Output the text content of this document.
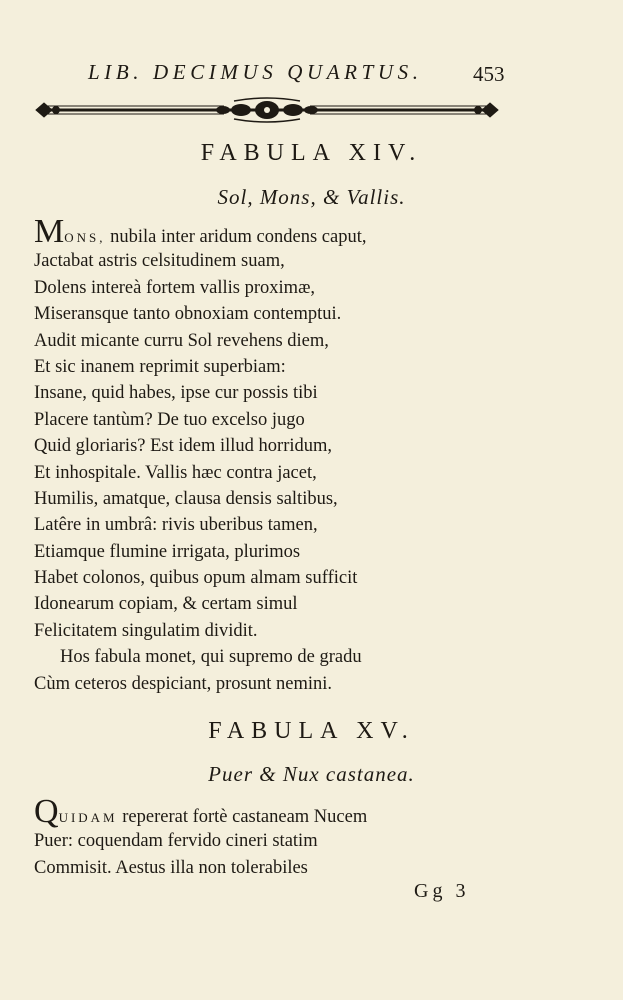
LIB. DECIMUS QUARTUS.	453
FABULA XIV.
Sol, Mons, & Vallis.
MONS, nubila inter aridum condens caput,
Jactabat astris celsitudinem suam,
Dolens intereà fortem vallis proximæ,
Miseransque tanto obnoxiam contemptui.
Audit micante curru Sol revehens diem,
Et sic inanem reprimit superbiam:
Insane, quid habes, ipse cur possis tibi
Placere tantùm? De tuo excelso jugo
Quid gloriaris? Est idem illud horridum,
Et inhospitale. Vallis hæc contra jacet,
Humilis, amatque, clausa densis saltibus,
Latêre in umbrâ: rivis uberibus tamen,
Etiamque flumine irrigata, plurimos
Habet colonos, quibus opum almam sufficit
Idonearum copiam, & certam simul
Felicitatem singulatim dividit.
Hos fabula monet, qui supremo de gradu
Cùm ceteros despiciant, prosunt nemini.
FABULA XV.
Puer & Nux castanea.
QUIDAM repererat fortè castaneam Nucem
Puer: coquendam fervido cineri statim
Commisit. Aestus illa non tolerabiles
Gg 3
